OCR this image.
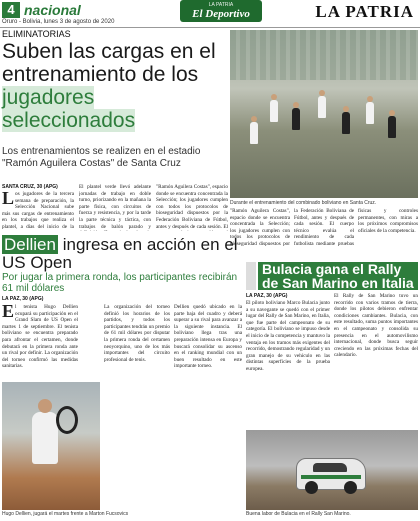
4 nacional	LA PATRIA
El Deportivo	LA PATRIA
Oruro - Bolivia, lunes 3 de agosto de 2020
ELIMINATORIAS
Suben las cargas en el entrenamiento de los jugadores seleccionados
Los entrenamientos se realizen en el estadio "Ramón Aguilera Costas" de Santa Cruz
SANTA CRUZ, 30 (APG)
Los jugadores de la tercera semana de preparación, la Selección Nacional sube más sus cargas de entrenamiento en los trabajos que realiza el plantel, a días del inicio de la
El plantel verde llevó adelante jornadas de trabajo en doble turno, priorizando en la mañana la parte física, con circuitos de fuerza y resistencia, y por la tarde la parte técnica y táctica, con trabajos de balón parado y
"Ramón Aguilera Costas", espacio donde se encuentra concentrada la Selección; los jugadores cumplen con todos los protocolos de bioseguridad dispuestos por la Federación Boliviana de Fútbol, antes y después de cada sesión. El
Durante el entrenamiento del combinado boliviano en Santa Cruz.
"Ramón Aguilera Costas", espacio donde se encuentra concentrada la Selección; los jugadores cumplen con todos los protocolos de bioseguridad dispuestos por la Federación Boliviana de Fútbol, antes y después de cada sesión. El cuerpo técnico evalúa el rendimiento de cada futbolista mediante pruebas físicas y controles permanentes, con miras a los próximos compromisos oficiales de la competencia.
Bulacia gana el Rally de San Marino en Italia
LA PAZ, 30 (APG)
El piloto boliviano Marco Bulacia junto a su navegante se quedó con el primer lugar del Rally de San Marino, en Italia, que fue parte del campeonato de su categoría. El boliviano se impuso desde el inicio de la competencia y mantuvo la ventaja en los tramos más exigentes del recorrido, demostrando regularidad y un gran manejo de su vehículo en las distintas superficies de la prueba europea.
El Rally de San Marino tuvo un recorrido con varios tramos de tierra, donde los pilotos debieron enfrentar condiciones cambiantes. Bulacia, con este resultado, suma puntos importantes en el campeonato y consolida su presencia en el automovilismo internacional, donde busca seguir creciendo en las próximas fechas del calendario.
Buena labor de Bulacia en el Rally San Marino.
Dellien ingresa en acción en el US Open
Por jugar la primera ronda, los participantes recibirán 61 mil dólares
LA PAZ, 30 (APG)
El tenista Hugo Dellien ocupará su participación en el Grand Slam de US Open el martes 1 de septiembre. El tenista boliviano se encuentra preparado para afrontar el certamen, donde debutará en la primera ronda ante un rival por definir. La organización del torneo confirmó las medidas sanitarias.
La organización del torneo definió los horarios de los partidos, y todos los participantes tendrán un premio de 61 mil dólares por disputar la primera ronda del certamen neoyorquino, uno de los más importantes del circuito profesional de tenis.
Dellien quedó ubicado en la parte baja del cuadro y deberá superar a su rival para avanzar a la siguiente instancia. El boliviano llega tras una preparación intensa en Europa y buscará consolidar su ascenso en el ranking mundial con un buen resultado en este importante torneo.
Hugo Dellien, jugará el martes frente a Marton Fucsovics
